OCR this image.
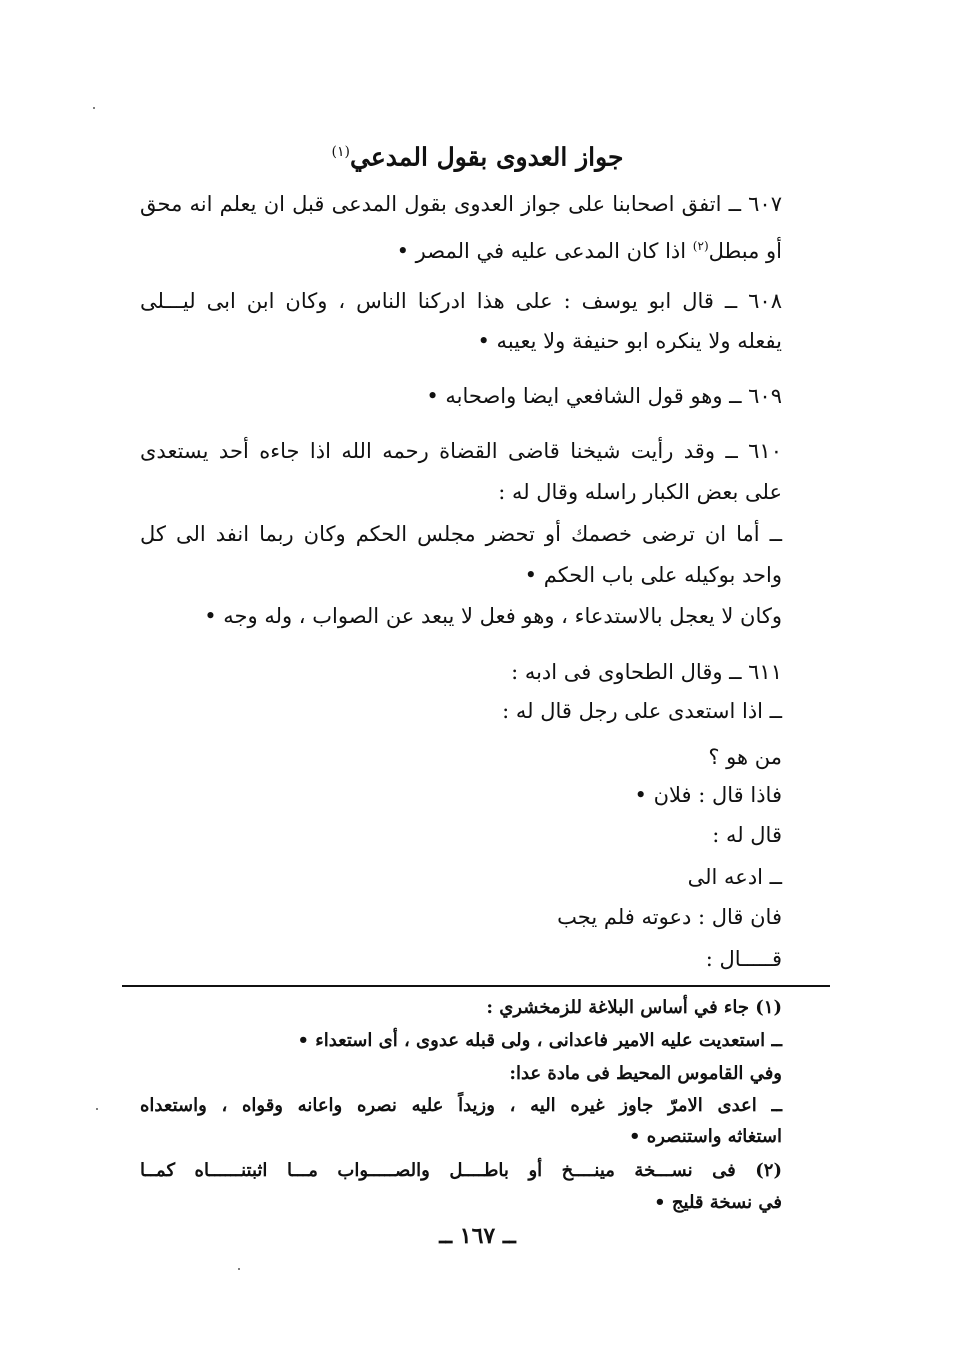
جواز العدوى بقول المدعي$^{(١)}$
٦٠٧ ــ اتفق اصحابنا على جواز العدوى بقول المدعى قبل ان يعلم انه محق
أو مبطل$^{(٢)}$ اذا كان المدعى عليه في المصر •
٦٠٨ ــ قال ابو يوسف : على هذا ادركنا الناس ، وكان ابن ابى ليـــلى
يفعله ولا ينكره ابو حنيفة ولا يعيبه •
٦٠٩ ــ وهو قول الشافعي ايضا واصحابه •
٦١٠ ــ وقد رأيت شيخنا قاضى القضاة رحمه الله اذا جاءه أحد يستعدى
على بعض الكبار راسله وقال له :
ــ أما ان ترضى خصمك أو تحضر مجلس الحكم وكان ربما انفد الى كل
واحد بوكيله على باب الحكم •
وكان لا يعجل بالاستدعاء ، وهو فعل لا يبعد عن الصواب ، وله وجه •
٦١١ ــ وقال الطحاوى فى ادبه :
ــ اذا استعدى على رجل قال له :
من هو ؟
فاذا قال : فلان •
قال له :
ــ ادعه الى
فان قال : دعوته فلم يجب
قـــــال :
(١) جاء في أساس البلاغة للزمخشري :
ــ استعديت عليه الامير فاعدانى ، ولى قبله عدوى ، أى استعداء •
وفي القاموس المحيط فى مادة عدا:
ــ اعدى الامرّ جاوز غيره اليه ، وزيداً عليه نصره واعانه وقواه ، واستعداه
استغاثه واستنصره •
(٢) فى نســـخة مينــــخ أو باطــــل والصـــــواب مـــا اثبتنــــــاه كمــا
في نسخة قليج •
ــ ١٦٧ ــ
